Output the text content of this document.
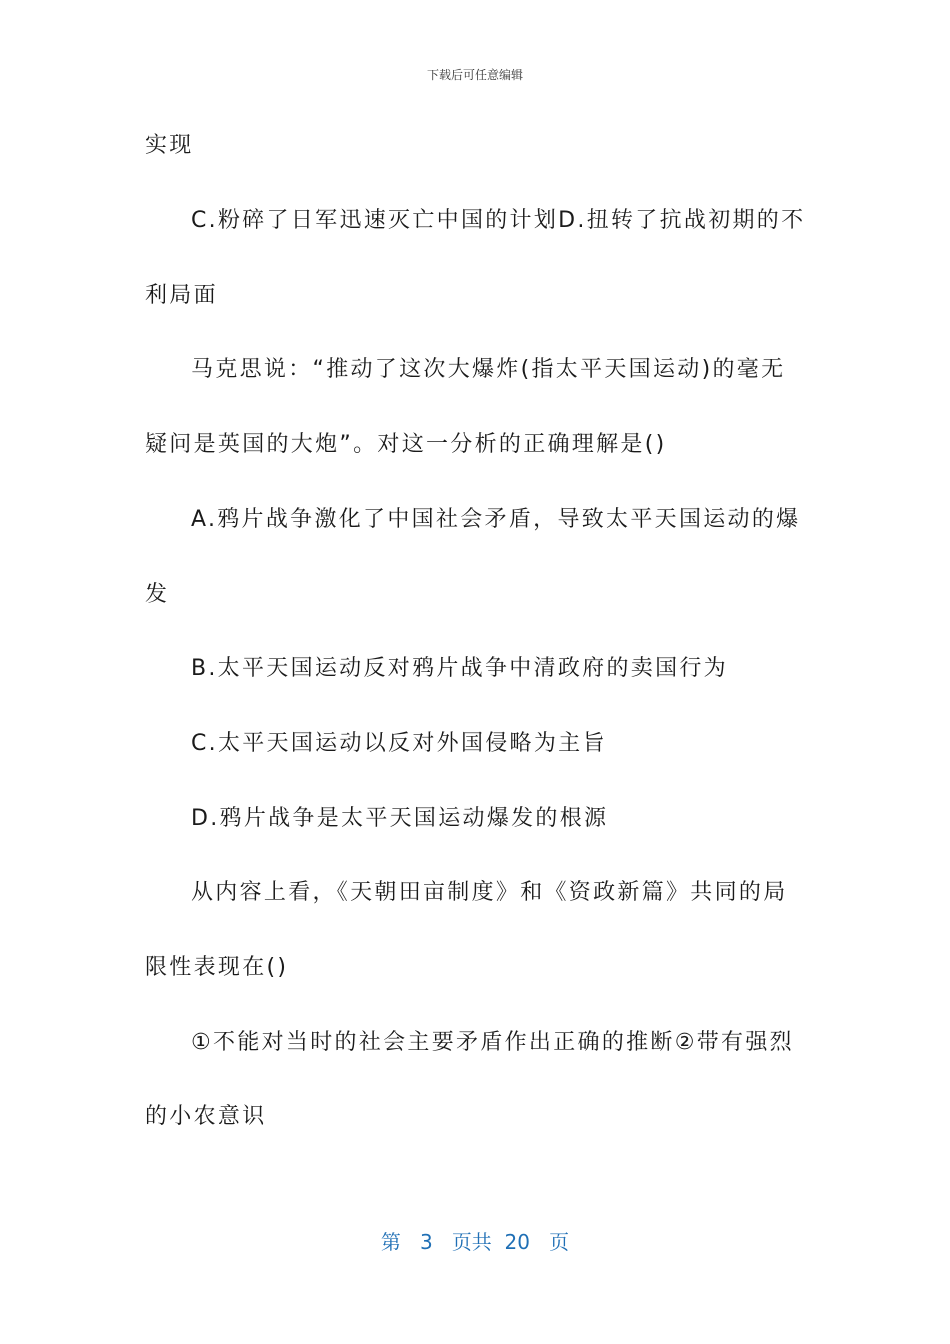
下载后可任意编辑
实现
C.粉碎了日军迅速灭亡中国的计划D.扭转了抗战初期的不
利局面
马克思说：“推动了这次大爆炸(指太平天国运动)的毫无
疑问是英国的大炮”。对这一分析的正确理解是()
A.鸦片战争激化了中国社会矛盾，导致太平天国运动的爆
发
B.太平天国运动反对鸦片战争中清政府的卖国行为
C.太平天国运动以反对外国侵略为主旨
D.鸦片战争是太平天国运动爆发的根源
从内容上看，《天朝田亩制度》和《资政新篇》共同的局
限性表现在()
①不能对当时的社会主要矛盾作出正确的推断②带有强烈
的小农意识
第 3 页共 20 页
